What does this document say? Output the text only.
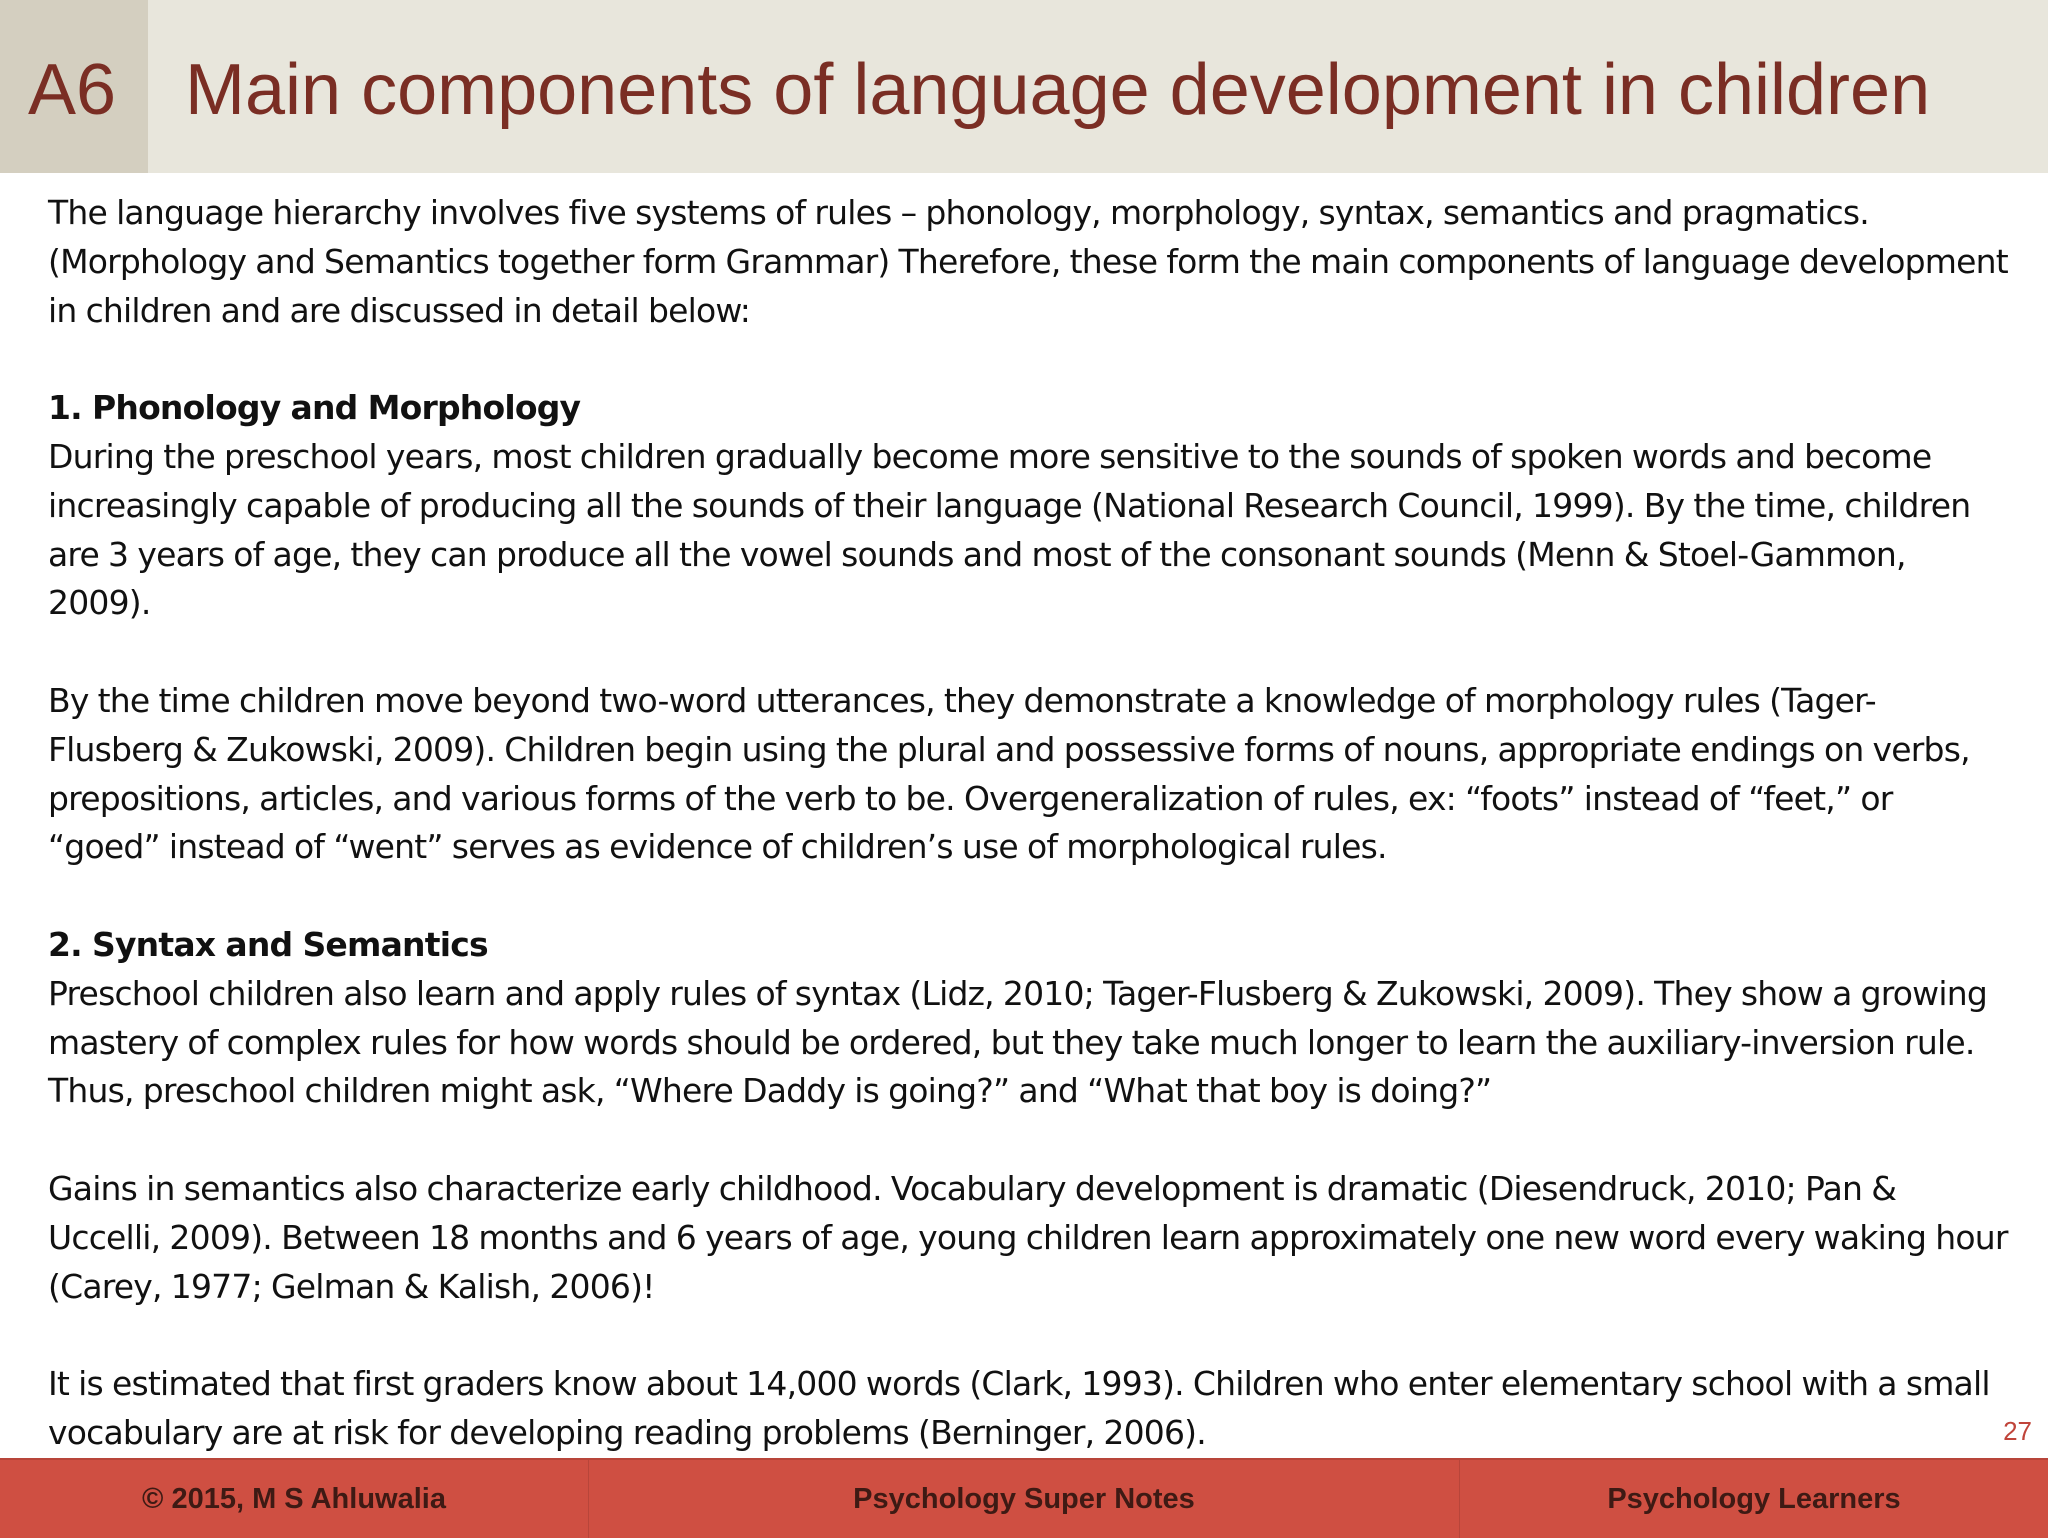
A6 Main components of language development in children

The language hierarchy involves five systems of rules – phonology, morphology, syntax, semantics and pragmatics. (Morphology and Semantics together form Grammar) Therefore, these form the main components of language development in children and are discussed in detail below:

1. Phonology and Morphology

During the preschool years, most children gradually become more sensitive to the sounds of spoken words and become increasingly capable of producing all the sounds of their language (National Research Council, 1999). By the time, children are 3 years of age, they can produce all the vowel sounds and most of the consonant sounds (Menn & Stoel-Gammon, 2009).

By the time children move beyond two-word utterances, they demonstrate a knowledge of morphology rules (Tager-Flusberg & Zukowski, 2009). Children begin using the plural and possessive forms of nouns, appropriate endings on verbs, prepositions, articles, and various forms of the verb to be. Overgeneralization of rules, ex: “foots” instead of “feet,” or “goed” instead of “went” serves as evidence of children’s use of morphological rules.

2. Syntax and Semantics

Preschool children also learn and apply rules of syntax (Lidz, 2010; Tager-Flusberg & Zukowski, 2009). They show a growing mastery of complex rules for how words should be ordered, but they take much longer to learn the auxiliary-inversion rule. Thus, preschool children might ask, “Where Daddy is going?” and “What that boy is doing?”

Gains in semantics also characterize early childhood. Vocabulary development is dramatic (Diesendruck, 2010; Pan & Uccelli, 2009). Between 18 months and 6 years of age, young children learn approximately one new word every waking hour (Carey, 1977; Gelman & Kalish, 2006)!

It is estimated that first graders know about 14,000 words (Clark, 1993). Children who enter elementary school with a small vocabulary are at risk for developing reading problems (Berninger, 2006).	27
© 2015, M S Ahluwalia	Psychology Super Notes	Psychology Learners
